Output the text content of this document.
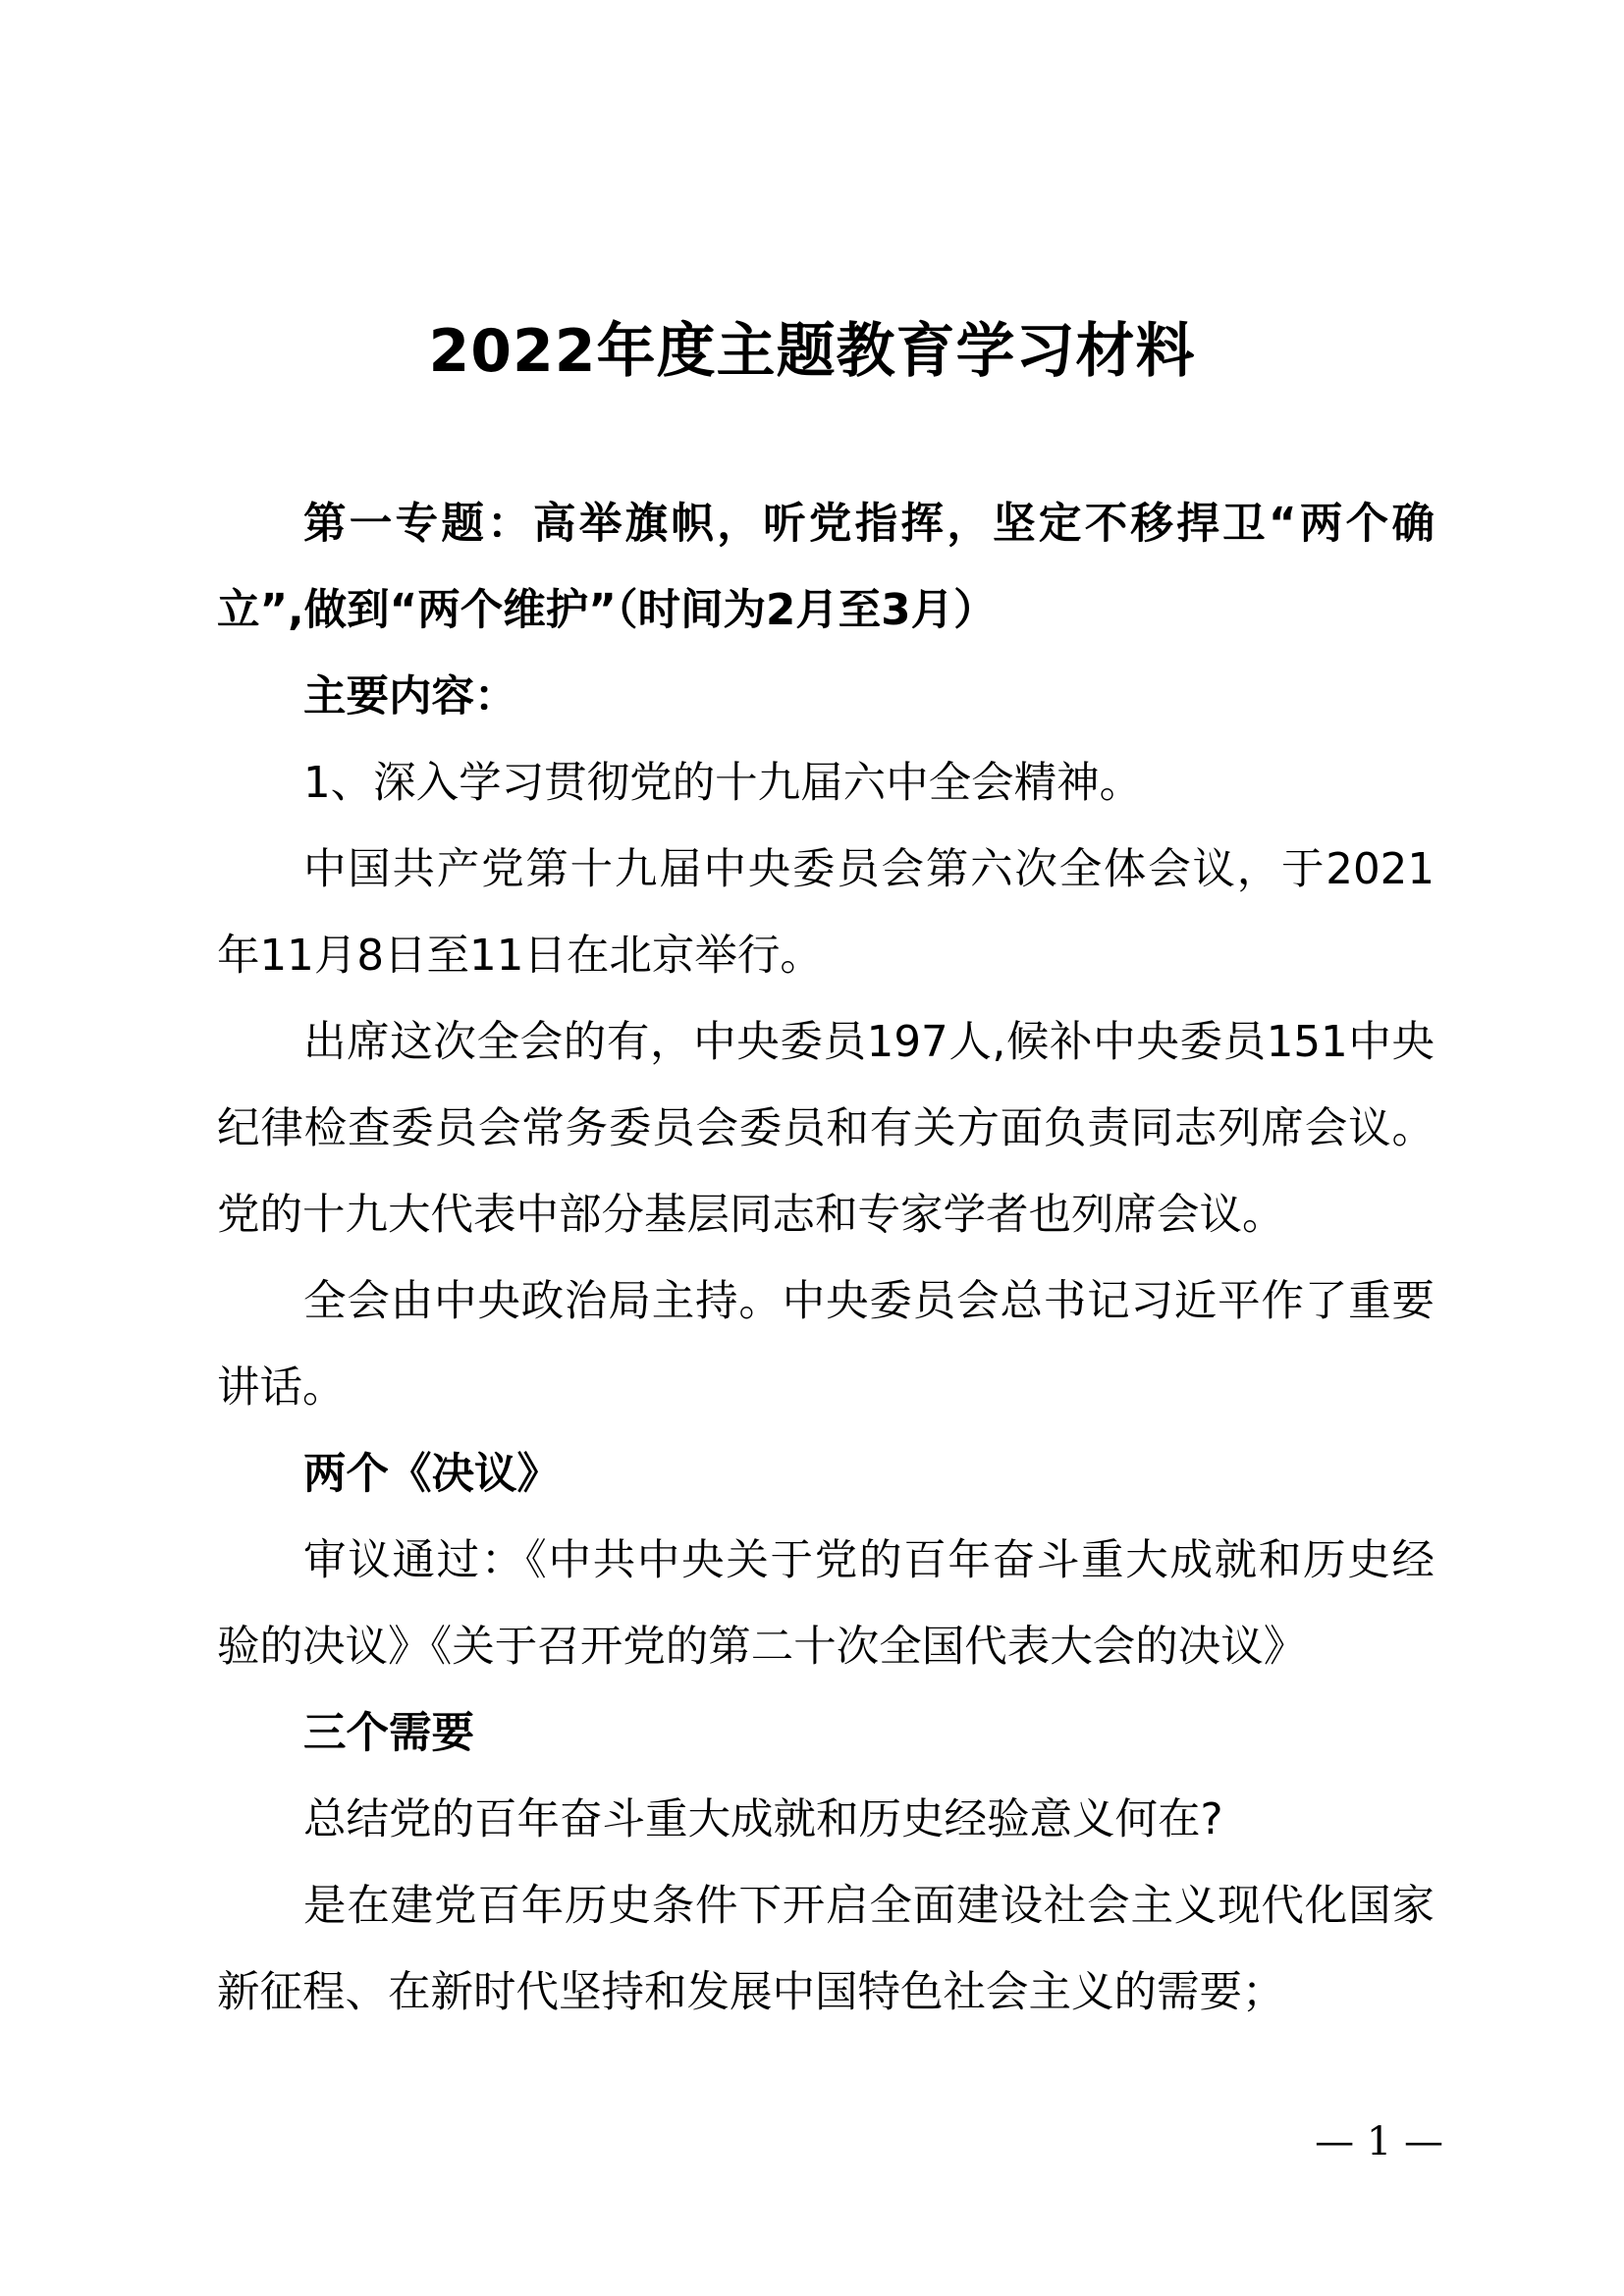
2022年度主题教育学习材料

第一专题：高举旗帜，听党指挥，坚定不移捍卫“两个确立”,做到“两个维护”（时间为2月至3月）

主要内容：

1、深入学习贯彻党的十九届六中全会精神。

中国共产党第十九届中央委员会第六次全体会议，于2021年11月8日至11日在北京举行。

出席这次全会的有，中央委员197人,候补中央委员151中央纪律检查委员会常务委员会委员和有关方面负责同志列席会议。党的十九大代表中部分基层同志和专家学者也列席会议。

全会由中央政治局主持。中央委员会总书记习近平作了重要讲话。

两个《决议》

审议通过：《中共中央关于党的百年奋斗重大成就和历史经验的决议》《关于召开党的第二十次全国代表大会的决议》

三个需要

总结党的百年奋斗重大成就和历史经验意义何在?

是在建党百年历史条件下开启全面建设社会主义现代化国家新征程、在新时代坚持和发展中国特色社会主义的需要；

— 1 —
